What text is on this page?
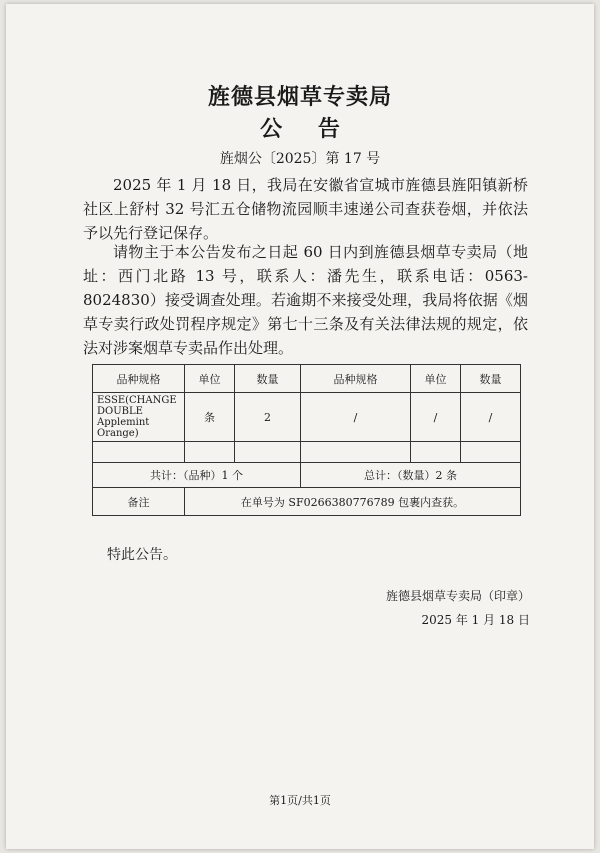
旌德县烟草专卖局
公 告
旌烟公〔2025〕第 17 号
2025 年 1 月 18 日，我局在安徽省宣城市旌德县旌阳镇新桥社区上舒村 32 号汇五仓储物流园顺丰速递公司查获卷烟，并依法予以先行登记保存。
请物主于本公告发布之日起 60 日内到旌德县烟草专卖局（地址：西门北路 13 号，联系人：潘先生，联系电话：0563-8024830）接受调查处理。若逾期不来接受处理，我局将依据《烟草专卖行政处罚程序规定》第七十三条及有关法律法规的规定，依法对涉案烟草专卖品作出处理。
品种规格	单位	数量	品种规格	单位	数量

ESSE(CHANGE
DOUBLE
Applemint
Orange)	条	2	/	/	/

共计：（品种）1 个			总计：（数量）2 条		
备注	在单号为 SF0266380776789 包裹内查获。				
特此公告。
旌德县烟草专卖局（印章）
2025 年 1 月 18 日
第1页/共1页
